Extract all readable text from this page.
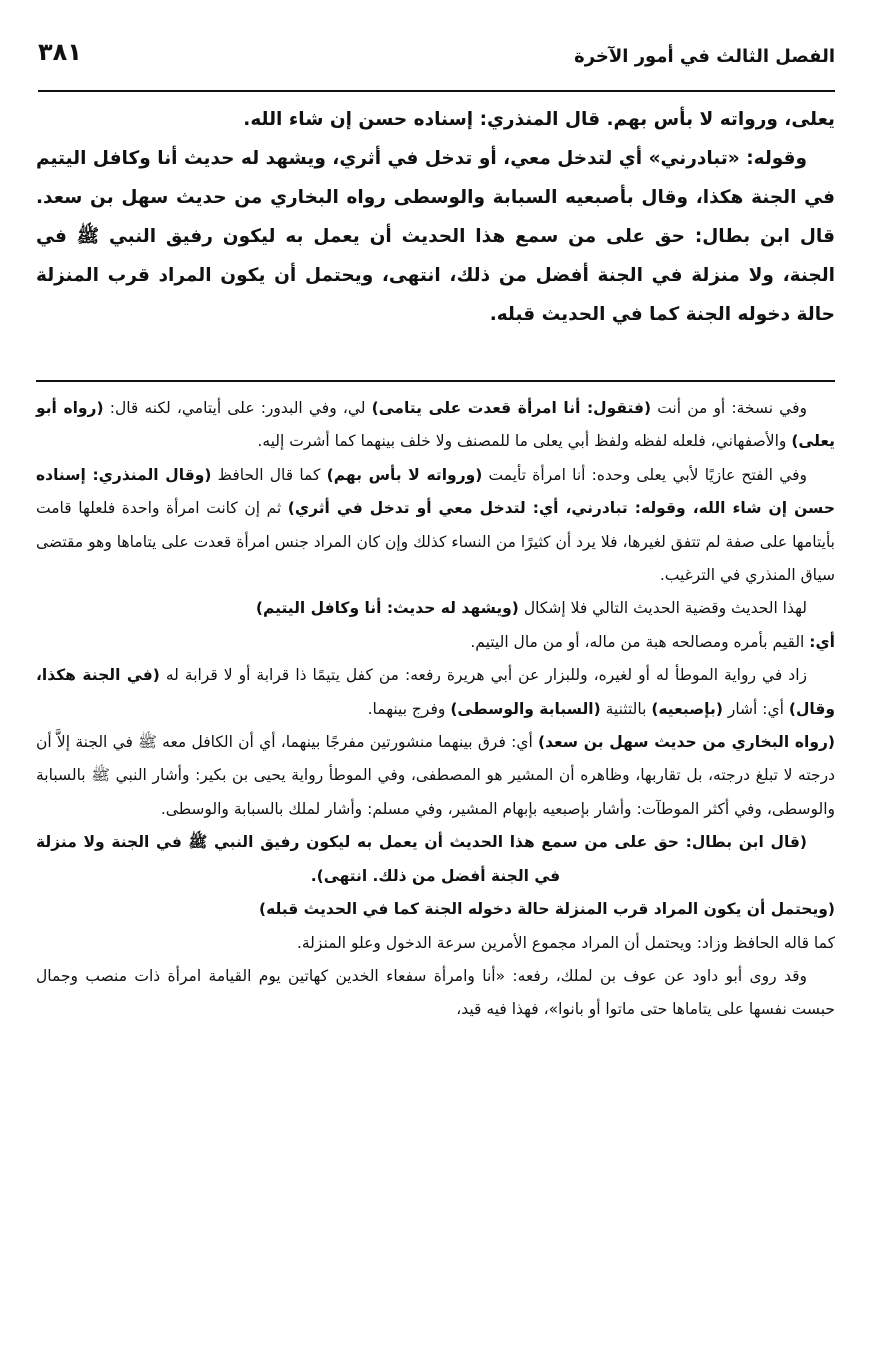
٣٨١	الفصل الثالث في أمور الآخرة

يعلى، ورواته لا بأس بهم. قال المنذري: إسناده حسن إن شاء الله.

وقوله: «تبادرني» أي لتدخل معي، أو تدخل في أثري، ويشهد له حديث أنا وكافل اليتيم في الجنة هكذا، وقال بأصبعيه السبابة والوسطى رواه البخاري من حديث سهل بن سعد. قال ابن بطال: حق على من سمع هذا الحديث أن يعمل به ليكون رفيق النبي ﷺ في الجنة، ولا منزلة في الجنة أفضل من ذلك، انتهى، ويحتمل أن يكون المراد قرب المنزلة حالة دخوله الجنة كما في الحديث قبله.

وفي نسخة: أو من أنت (فتقول: أنا امرأة قعدت على يتامى) لي، وفي البدور: على أيتامي، لكنه قال: (رواه أبو يعلى) والأصفهاني، فلعله لفظه ولفظ أبي يعلى ما للمصنف ولا خلف بينهما كما أشرت إليه.

وفي الفتح عازيًا لأبي يعلى وحده: أنا امرأة تأيمت (ورواته لا بأس بهم) كما قال الحافظ (وقال المنذري: إسناده حسن إن شاء الله، وقوله: تبادرني، أي: لتدخل معي أو تدخل في أثري) ثم إن كانت امرأة واحدة فلعلها قامت بأيتامها على صفة لم تتفق لغيرها، فلا يرد أن كثيرًا من النساء كذلك وإن كان المراد جنس امرأة قعدت على يتاماها وهو مقتضى سياق المنذري في الترغيب.

لهذا الحديث وقضية الحديث التالي فلا إشكال (ويشهد له حديث: أنا وكافل اليتيم)

أي: القيم بأمره ومصالحه هبة من ماله، أو من مال اليتيم.

زاد في رواية الموطأ له أو لغيره، وللبزار عن أبي هريرة رفعه: من كفل يتيمًا ذا قرابة أو لا قرابة له (في الجنة هكذا، وقال) أي: أشار (بإصبعيه) بالتثنية (السبابة والوسطى) وفرج بينهما.

(رواه البخاري من حديث سهل بن سعد) أي: فرق بينهما منشورتين مفرجًا بينهما، أي أن الكافل معه ﷺ في الجنة إلاَّ أن درجته لا تبلغ درجته، بل تقاربها، وظاهره أن المشير هو المصطفى، وفي الموطأ رواية يحيى بن بكير: وأشار النبي ﷺ بالسبابة والوسطى، وفي أكثر الموطآت: وأشار بإصبعيه بإبهام المشير، وفي مسلم: وأشار لملك بالسبابة والوسطى.

(قال ابن بطال: حق على من سمع هذا الحديث أن يعمل به ليكون رفيق النبي ﷺ في الجنة ولا منزلة في الجنة أفضل من ذلك. انتهى).

(ويحتمل أن يكون المراد قرب المنزلة حالة دخوله الجنة كما في الحديث قبله)

كما قاله الحافظ وزاد: ويحتمل أن المراد مجموع الأمرين سرعة الدخول وعلو المنزلة.

وقد روى أبو داود عن عوف بن لملك، رفعه: «أنا وامرأة سفعاء الخدين كهاتين يوم القيامة امرأة ذات منصب وجمال حبست نفسها على يتاماها حتى ماتوا أو بانوا»، فهذا فيه قيد،
